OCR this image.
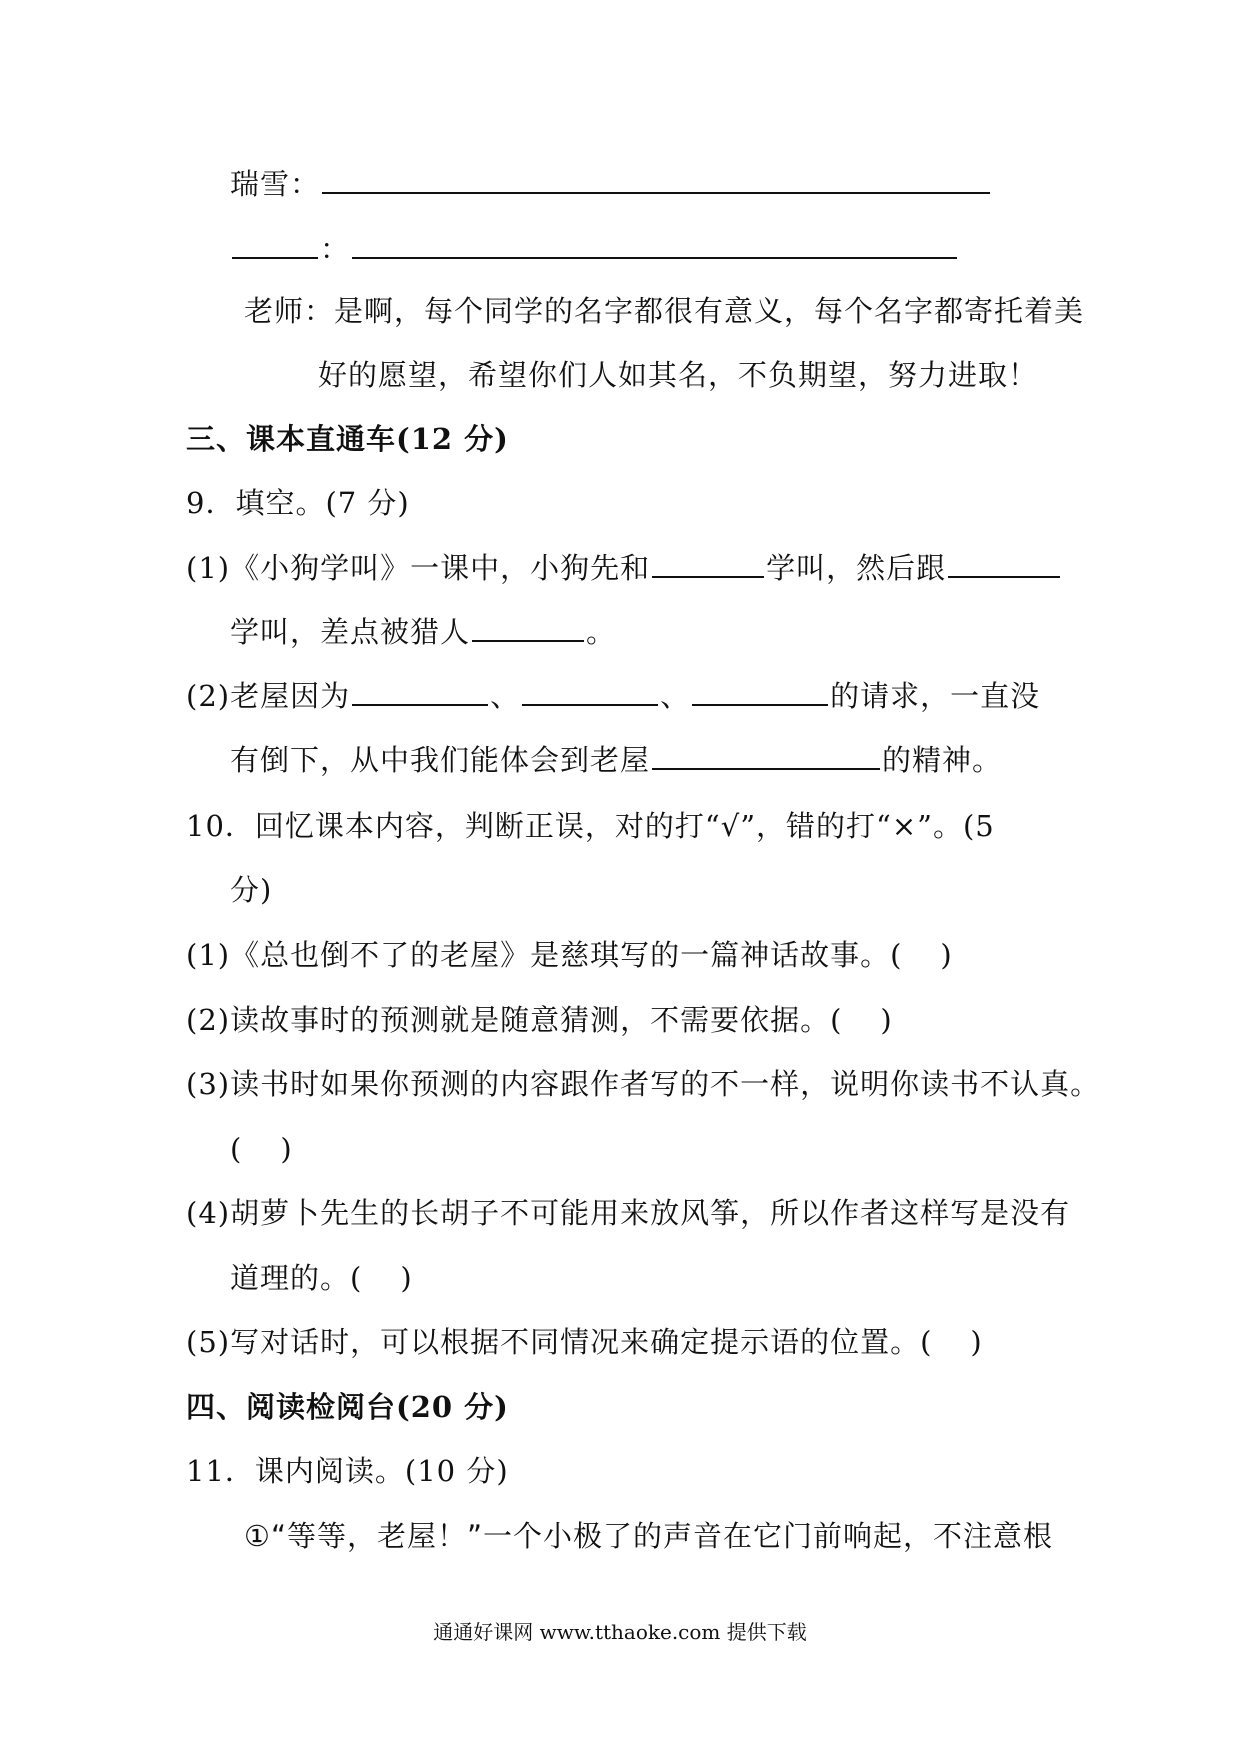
瑞雪：
：
老师：是啊，每个同学的名字都很有意义，每个名字都寄托着美
好的愿望，希望你们人如其名，不负期望，努力进取！
三、课本直通车(12 分)
9．填空。(7 分)
(1)《小狗学叫》一课中，小狗先和	学叫，然后跟
学叫，差点被猎人	。
(2)老屋因为	、	、	的请求，一直没
有倒下，从中我们能体会到老屋	的精神。
10．回忆课本内容，判断正误，对的打“√”，错的打“×”。(5
分)
(1)《总也倒不了的老屋》是慈琪写的一篇神话故事。( )
(2)读故事时的预测就是随意猜测，不需要依据。( )
(3)读书时如果你预测的内容跟作者写的不一样，说明你读书不认真。
( )
(4)胡萝卜先生的长胡子不可能用来放风筝，所以作者这样写是没有
道理的。( )
(5)写对话时，可以根据不同情况来确定提示语的位置。( )
四、阅读检阅台(20 分)
11．课内阅读。(10 分)
①“等等，老屋！”一个小极了的声音在它门前响起，不注意根
通通好课网 www.tthaoke.com 提供下载
